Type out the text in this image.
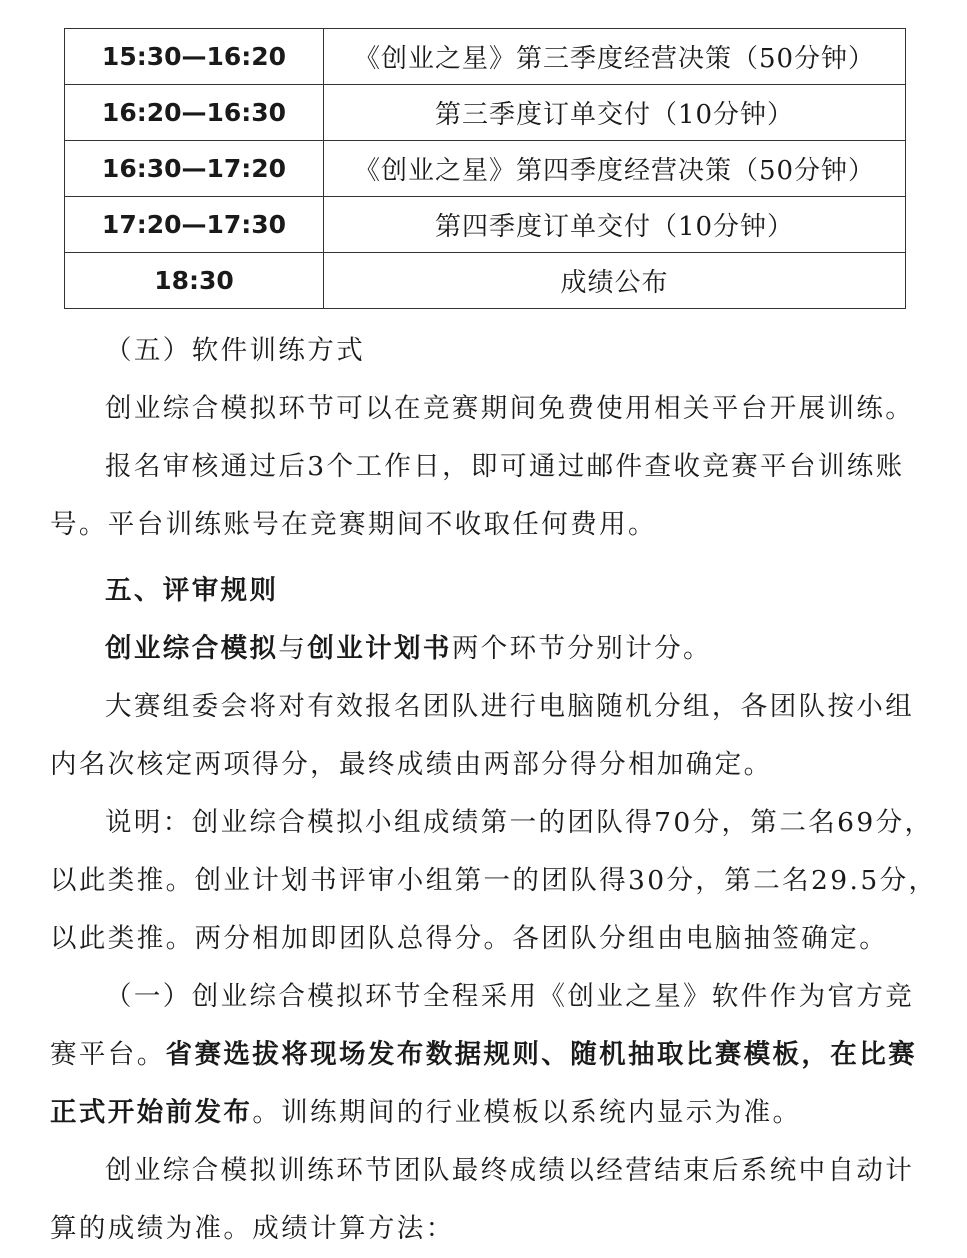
15:30—16:20	《创业之星》第三季度经营决策（50分钟）
16:20—16:30	第三季度订单交付（10分钟）
16:30—17:20	《创业之星》第四季度经营决策（50分钟）
17:20—17:30	第四季度订单交付（10分钟）
18:30	成绩公布

（五）软件训练方式

创业综合模拟环节可以在竞赛期间免费使用相关平台开展训练。

报名审核通过后3个工作日，即可通过邮件查收竞赛平台训练账

号。平台训练账号在竞赛期间不收取任何费用。

五、评审规则

创业综合模拟与创业计划书两个环节分别计分。

大赛组委会将对有效报名团队进行电脑随机分组，各团队按小组

内名次核定两项得分，最终成绩由两部分得分相加确定。

说明：创业综合模拟小组成绩第一的团队得70分，第二名69分，

以此类推。创业计划书评审小组第一的团队得30分，第二名29.5分，

以此类推。两分相加即团队总得分。各团队分组由电脑抽签确定。

（一）创业综合模拟环节全程采用《创业之星》软件作为官方竞

赛平台。省赛选拔将现场发布数据规则、随机抽取比赛模板，在比赛

正式开始前发布。训练期间的行业模板以系统内显示为准。

创业综合模拟训练环节团队最终成绩以经营结束后系统中自动计

算的成绩为准。成绩计算方法：
